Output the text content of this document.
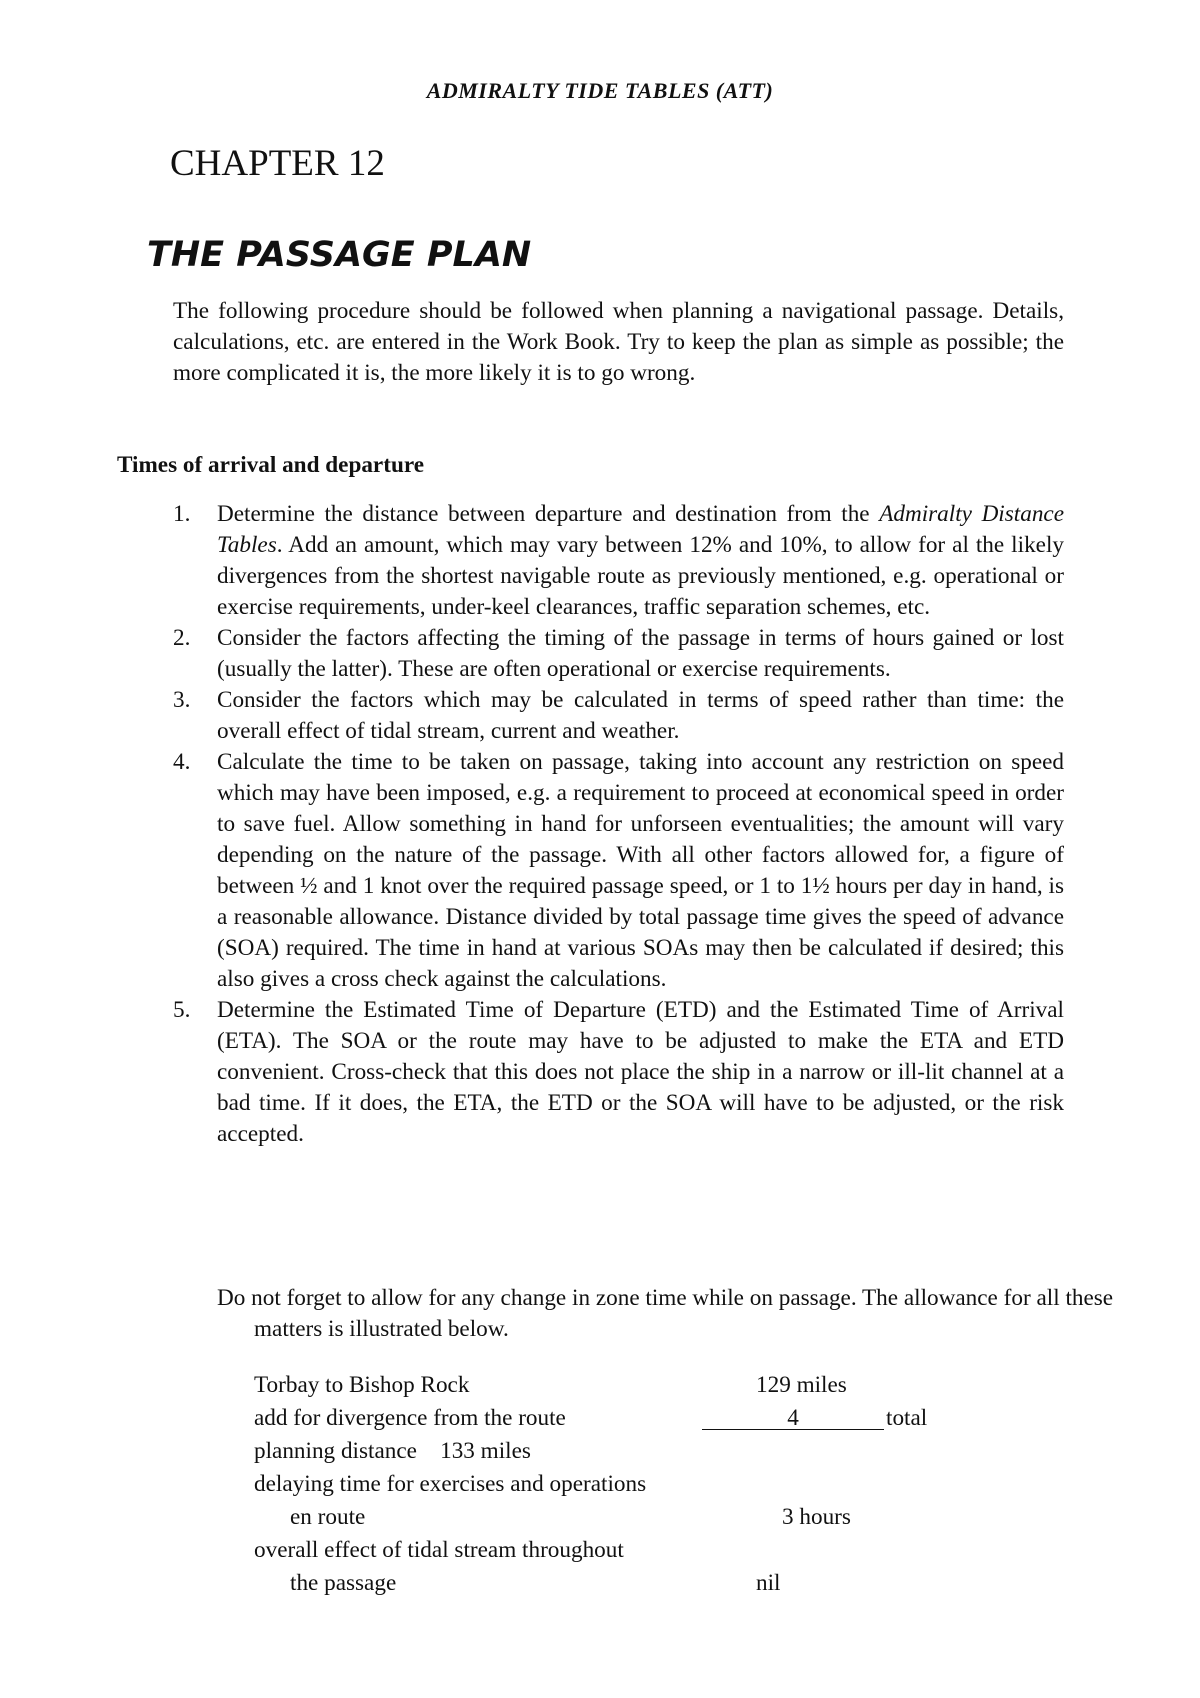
ADMIRALTY TIDE TABLES (ATT)
CHAPTER 12
THE PASSAGE PLAN

The following procedure should be followed when planning a navigational passage. Details, calculations, etc. are entered in the Work Book. Try to keep the plan as simple as possible; the more complicated it is, the more likely it is to go wrong.

Times of arrival and departure
1. Determine the distance between departure and destination from the Admiralty Distance Tables. Add an amount, which may vary between 12% and 10%, to allow for al the likely divergences from the shortest navigable route as previously mentioned, e.g. operational or exercise requirements, under-keel clearances, traffic separation schemes, etc.
2. Consider the factors affecting the timing of the passage in terms of hours gained or lost (usually the latter). These are often operational or exercise requirements.
3. Consider the factors which may be calculated in terms of speed rather than time: the overall effect of tidal stream, current and weather.
4. Calculate the time to be taken on passage, taking into account any restriction on speed which may have been imposed, e.g. a requirement to proceed at economical speed in order to save fuel. Allow something in hand for unforseen eventualities; the amount will vary depending on the nature of the passage. With all other factors allowed for, a figure of between ½ and 1 knot over the required passage speed, or 1 to 1½ hours per day in hand, is a reasonable allowance. Distance divided by total passage time gives the speed of advance (SOA) required. The time in hand at various SOAs may then be calculated if desired; this also gives a cross check against the calculations.
5. Determine the Estimated Time of Departure (ETD) and the Estimated Time of Arrival (ETA). The SOA or the route may have to be adjusted to make the ETA and ETD convenient. Cross-check that this does not place the ship in a narrow or ill-lit channel at a bad time. If it does, the ETA, the ETD or the SOA will have to be adjusted, or the risk accepted.
Do not forget to allow for any change in zone time while on passage. The allowance for all these matters is illustrated below.
Torbay to Bishop Rock	129 miles
add for divergence from the route	4	total
planning distance    133 miles
delaying time for exercises and operations
en route	3 hours
overall effect of tidal stream throughout
the passage	nil
